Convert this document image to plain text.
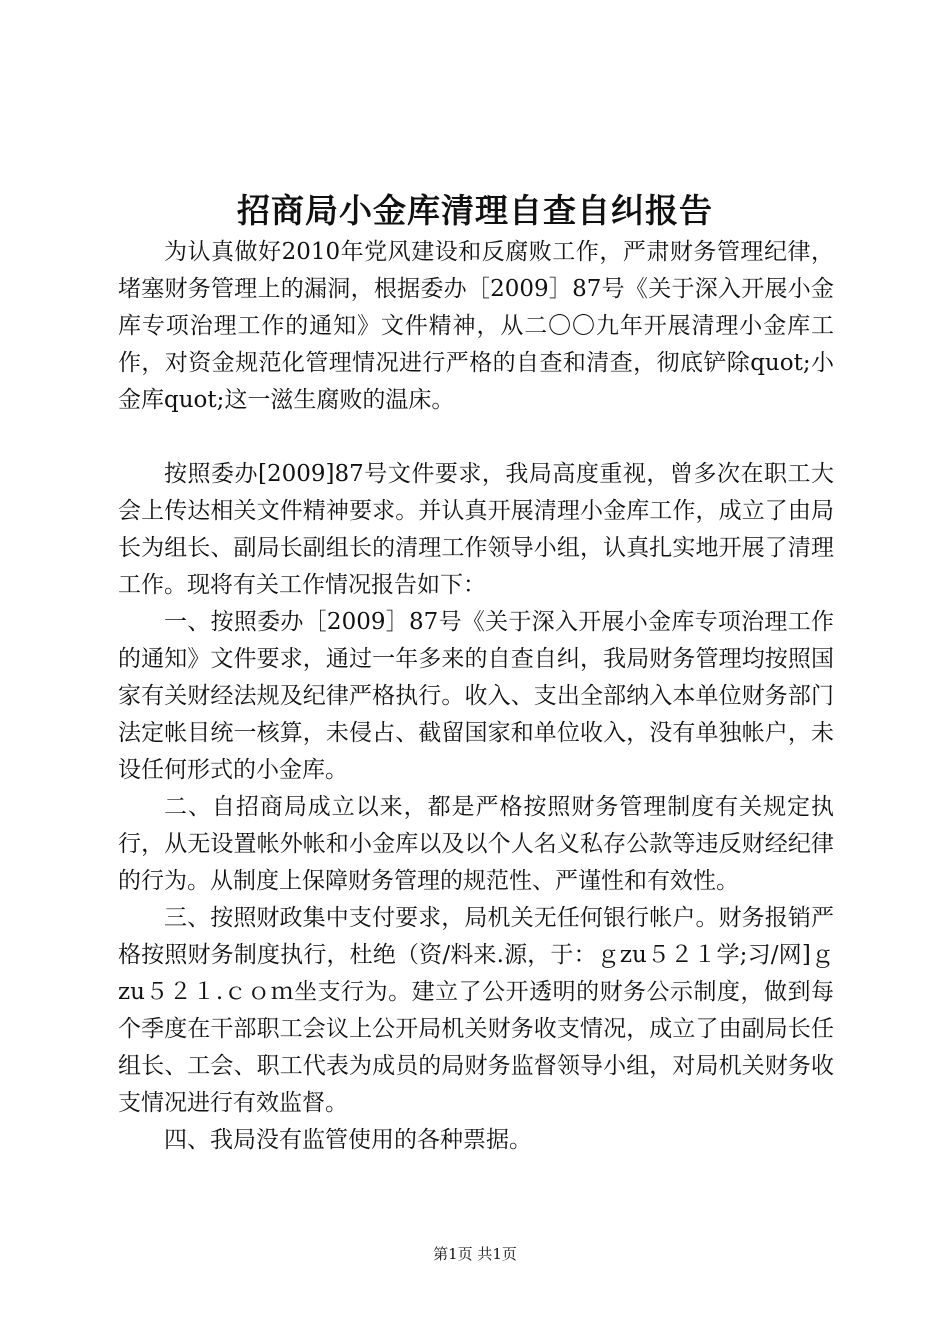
招商局小金库清理自查自纠报告

为认真做好2010年党风建设和反腐败工作，严肃财务管理纪律，堵塞财务管理上的漏洞，根据委办［2009］87号《关于深入开展小金库专项治理工作的通知》文件精神，从二〇〇九年开展清理小金库工作，对资金规范化管理情况进行严格的自查和清查，彻底铲除quot;小金库quot;这一滋生腐败的温床。

按照委办[2009]87号文件要求，我局高度重视，曾多次在职工大会上传达相关文件精神要求。并认真开展清理小金库工作，成立了由局长为组长、副局长副组长的清理工作领导小组，认真扎实地开展了清理工作。现将有关工作情况报告如下：

一、按照委办［2009］87号《关于深入开展小金库专项治理工作的通知》文件要求，通过一年多来的自查自纠，我局财务管理均按照国家有关财经法规及纪律严格执行。收入、支出全部纳入本单位财务部门法定帐目统一核算，未侵占、截留国家和单位收入，没有单独帐户，未设任何形式的小金库。

二、自招商局成立以来，都是严格按照财务管理制度有关规定执行，从无设置帐外帐和小金库以及以个人名义私存公款等违反财经纪律的行为。从制度上保障财务管理的规范性、严谨性和有效性。

三、按照财政集中支付要求，局机关无任何银行帐户。财务报销严格按照财务制度执行，杜绝（资/料来.源，于：ｇzu５２１学;习/网]ｇzu５２１.ｃｏｍ坐支行为。建立了公开透明的财务公示制度，做到每个季度在干部职工会议上公开局机关财务收支情况，成立了由副局长任组长、工会、职工代表为成员的局财务监督领导小组，对局机关财务收支情况进行有效监督。

四、我局没有监管使用的各种票据。

第1页 共1页
